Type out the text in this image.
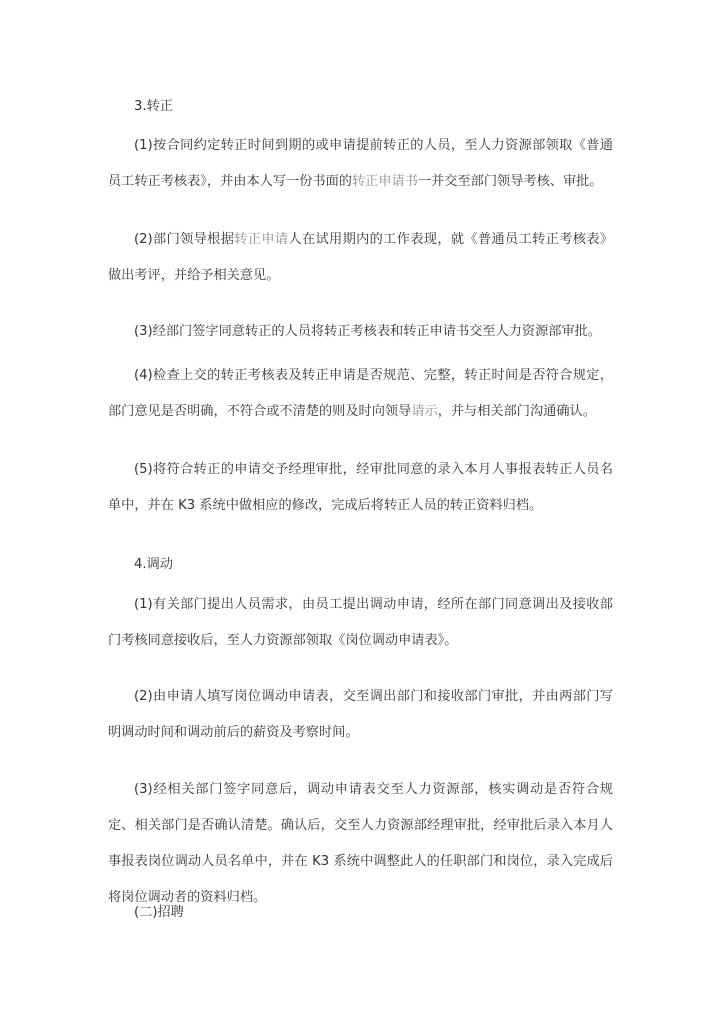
3.转正

(1)按合同约定转正时间到期的或申请提前转正的人员，至人力资源部领取《普通员工转正考核表》，并由本人写一份书面的转正申请书一并交至部门领导考核、审批。

(2)部门领导根据转正申请人在试用期内的工作表现，就《普通员工转正考核表》做出考评，并给予相关意见。

(3)经部门签字同意转正的人员将转正考核表和转正申请书交至人力资源部审批。

(4)检查上交的转正考核表及转正申请是否规范、完整，转正时间是否符合规定，部门意见是否明确，不符合或不清楚的则及时向领导请示，并与相关部门沟通确认。

(5)将符合转正的申请交予经理审批，经审批同意的录入本月人事报表转正人员名单中，并在 K3 系统中做相应的修改，完成后将转正人员的转正资料归档。

4.调动

(1)有关部门提出人员需求，由员工提出调动申请，经所在部门同意调出及接收部门考核同意接收后，至人力资源部领取《岗位调动申请表》。

(2)由申请人填写岗位调动申请表，交至调出部门和接收部门审批，并由两部门写明调动时间和调动前后的薪资及考察时间。

(3)经相关部门签字同意后，调动申请表交至人力资源部，核实调动是否符合规定、相关部门是否确认清楚。确认后，交至人力资源部经理审批，经审批后录入本月人事报表岗位调动人员名单中，并在 K3 系统中调整此人的任职部门和岗位，录入完成后将岗位调动者的资料归档。

(二)招聘
